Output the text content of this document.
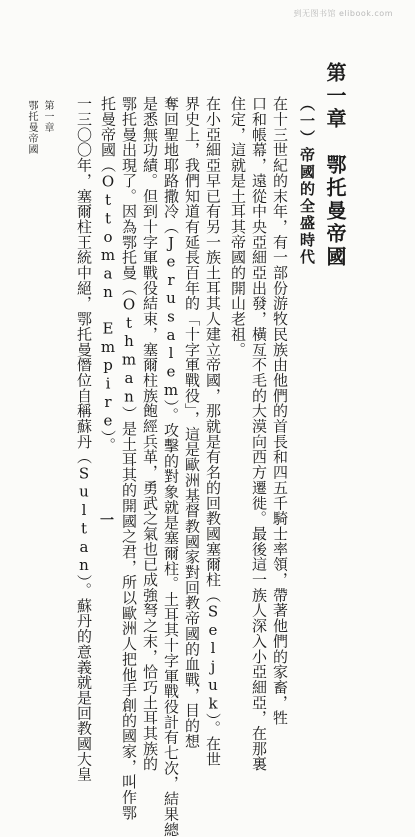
到无图书馆 elibook.com
第一章　鄂托曼帝國
（一）帝國的全盛時代
在十三世紀的末年，有一部份游牧民族由他們的首長和四五千騎士率領，帶著他們的家畜，牲
口和帳幕，遠從中央亞細亞出發，橫亙不毛的大漠向西方遷徙。最後這一族人深入小亞細亞，在那裏
住定，這就是土耳其帝國的開山老祖。
在小亞細亞早已有另一族土耳其人建立帝國，那就是有名的回教國塞爾柱（Seljuk）。在世
界史上，我們知道有延長百年的「十字軍戰役」，這是歐洲基督教國家對回教帝國的血戰，目的想
奪回聖地耶路撒冷（Jerusalem）。攻擊的對象就是塞爾柱。土耳其十字軍戰役計有七次，結果總
是悉無功績。但到十字軍戰役結束，塞爾柱族飽經兵革，勇武之氣也已成強弩之末，恰巧土耳其族的
鄂托曼出現了。因為鄂托曼（Othman）是土耳其的開國之君，所以歐洲人把他手創的國家，叫作鄂
托曼帝國（Ottoman Empire）。
一三〇〇年，塞爾柱王統中絕，鄂托曼僭位自稱蘇丹（Sultan）。蘇丹的意義就是回教國大皇 一
第一章
鄂托曼帝國
